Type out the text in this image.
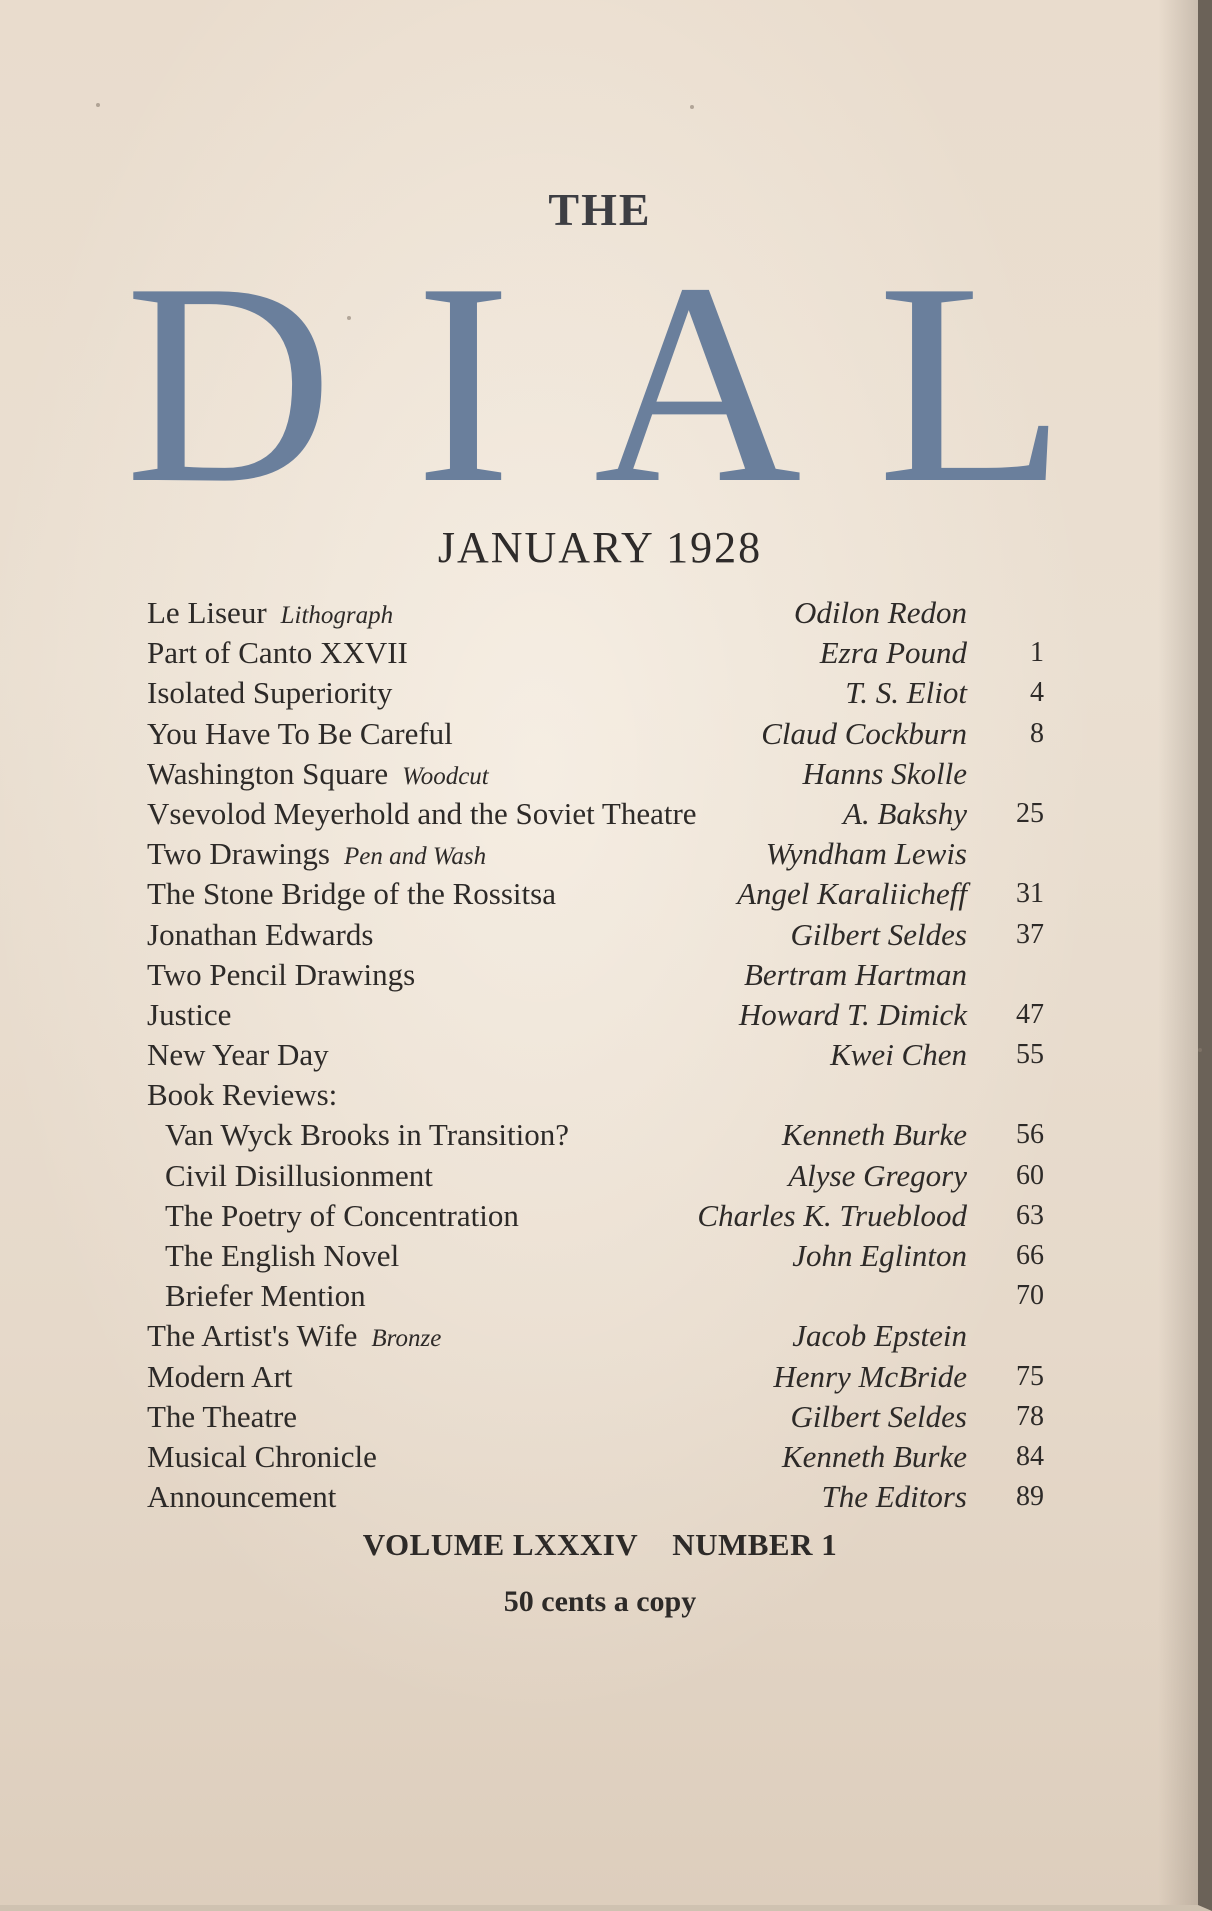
THE
D I A L
JANUARY 1928
Le Liseur Lithograph	Odilon Redon
Part of Canto XXVII	Ezra Pound	1
Isolated Superiority	T. S. Eliot	4
You Have To Be Careful	Claud Cockburn	8
Washington Square Woodcut	Hanns Skolle
Vsevolod Meyerhold and the Soviet Theatre	A. Bakshy	25
Two Drawings Pen and Wash	Wyndham Lewis
The Stone Bridge of the Rossitsa	Angel Karaliicheff	31
Jonathan Edwards	Gilbert Seldes	37
Two Pencil Drawings	Bertram Hartman
Justice	Howard T. Dimick	47
New Year Day	Kwei Chen	55
Book Reviews:
Van Wyck Brooks in Transition?	Kenneth Burke	56
Civil Disillusionment	Alyse Gregory	60
The Poetry of Concentration	Charles K. Trueblood	63
The English Novel	John Eglinton	66
Briefer Mention	70
The Artist's Wife Bronze	Jacob Epstein
Modern Art	Henry McBride	75
The Theatre	Gilbert Seldes	78
Musical Chronicle	Kenneth Burke	84
Announcement	The Editors	89
VOLUME LXXXIV NUMBER 1
50 cents a copy
